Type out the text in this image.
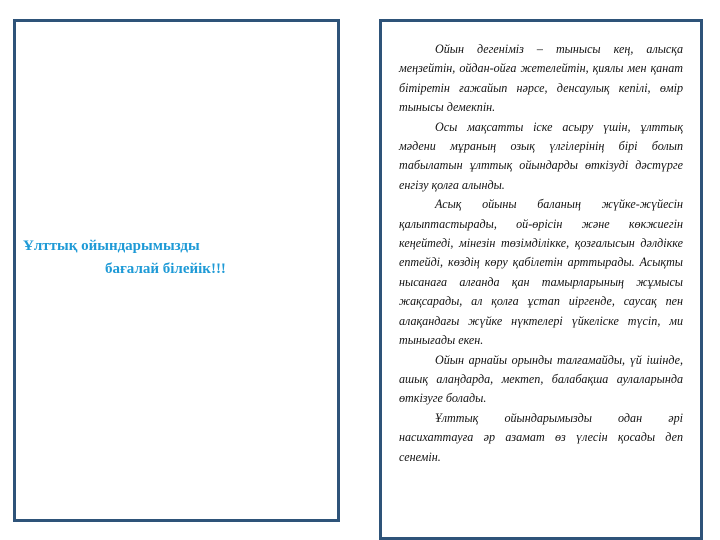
Ұлттық ойындарымызды
бағалай білейік!!!

Ойын дегеніміз – тынысы кең, алысқа меңзейтін, ойдан-ойға жетелейтін, қиялы мен қанат бітіретін ғажайып нәрсе, денсаулық кепілі, өмір тынысы демекпін.

Осы мақсатты іске асыру үшін, ұлттық мәдени мұраның озық үлгілерінің бірі болып табылатын ұлттық ойындарды өткізуді дәстүрге енгізу қолға алынды.

Асық ойыны баланың жүйке-жүйесін қалыптастырады, ой-өрісін және көкжиегін кеңейтеді, мінезін төзімділікке, қозғалысын дәлдікке ептейді, көздің көру қабілетін арттырады. Асықты нысанаға алғанда қан тамырларының жұмысы жақсарады, ал қолға ұстап иіргенде, саусақ пен алақандағы жүйке нүктелері үйкеліске түсіп, ми тынығады екен.

Ойын арнайы орынды талғамайды, үй ішінде, ашық алаңдарда, мектеп, балабақша аулаларында өткізуге болады.

Ұлттық ойындарымызды одан әрі насихаттауға әр азамат өз үлесін қосады деп сенемін.
